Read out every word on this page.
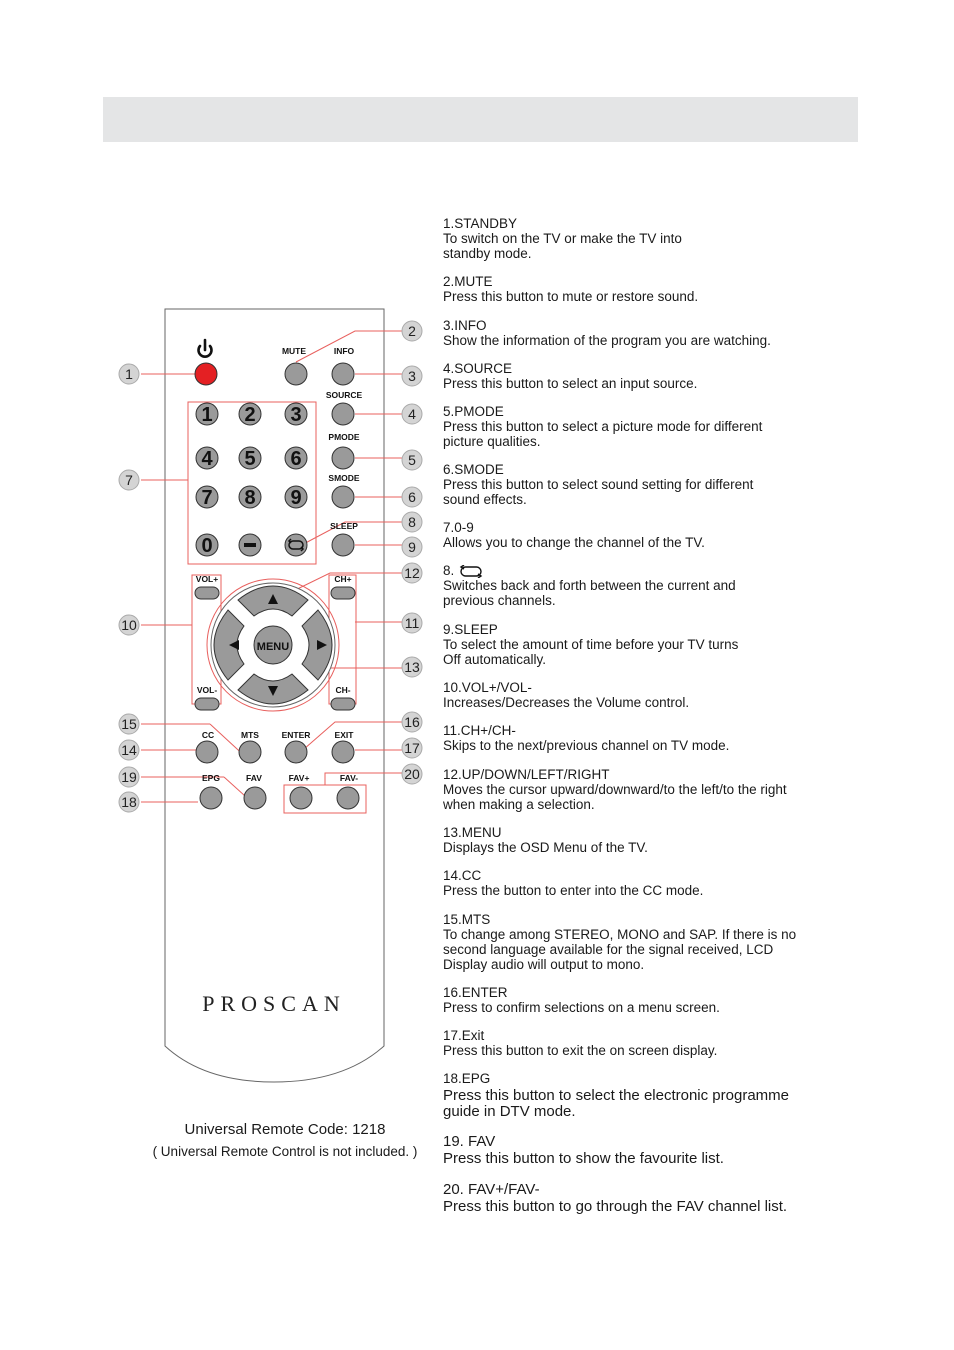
MUTE	INFO
SOURCE
PMODE
SMODE
SLEEP
1 2 3
4 5 6
7 8 9
0
VOL+
VOL-
CH+
CH-
MENU
CC	MTS	ENTER	EXIT
EPG	FAV	FAV+	FAV-
PROSCAN
1
2
3
4
5
6
7
8
9
10	11
12
13
14
15	16
17
18
19	20
1.STANDBY
To switch on the TV or make the TV into
standby mode.
2.MUTE
Press this button to mute or restore sound.
3.INFO
Show the information of the program you are watching.
4.SOURCE
Press this button to select an input source.
5.PMODE
Press this button to select a picture mode for different
picture qualities.
6.SMODE
Press this button to select sound setting for different
sound effects.
7.0-9
Allows you to change the channel of the TV.
8.
Switches back and forth between the current and
previous channels.
9.SLEEP
To select the amount of time before your TV turns
Off automatically.
10.VOL+/VOL-
Increases/Decreases the Volume control.
11.CH+/CH-
Skips to the next/previous channel on TV mode.
12.UP/DOWN/LEFT/RIGHT
Moves the cursor upward/downward/to the left/to the right
when making a selection.
13.MENU
Displays the OSD Menu of the TV.
14.CC
Press the button to enter into the CC mode.
15.MTS
To change among STEREO, MONO and SAP. If there is no
second language available for the signal received, LCD
Display audio will output to mono.
16.ENTER
Press to confirm selections on a menu screen.
17.Exit
Press this button to exit the on screen display.
18.EPG
Press this button to select the electronic programme
guide in DTV mode.
19. FAV
Press this button to show the favourite list.
20. FAV+/FAV-
Press this button to go through the FAV channel list.
Universal Remote Code: 1218
( Universal Remote Control is not included. )
